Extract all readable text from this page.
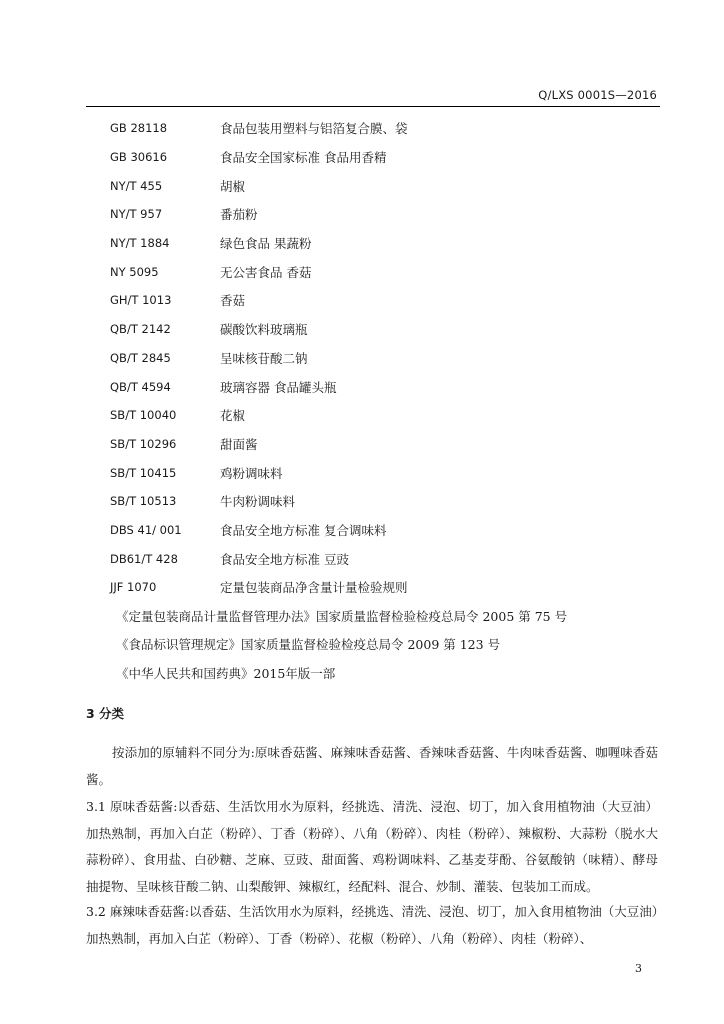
Q/LXS 0001S—2016
GB 28118	食品包装用塑料与铝箔复合膜、袋
GB 30616	食品安全国家标准 食品用香精
NY/T 455	胡椒
NY/T 957	番茄粉
NY/T 1884	绿色食品 果蔬粉
NY 5095	无公害食品 香菇
GH/T 1013	香菇
QB/T 2142	碳酸饮料玻璃瓶
QB/T 2845	呈味核苷酸二钠
QB/T 4594	玻璃容器 食品罐头瓶
SB/T 10040	花椒
SB/T 10296	甜面酱
SB/T 10415	鸡粉调味料
SB/T 10513	牛肉粉调味料
DBS 41/ 001	食品安全地方标准 复合调味料
DB61/T 428	食品安全地方标准 豆豉
JJF 1070	定量包装商品净含量计量检验规则
《定量包装商品计量监督管理办法》国家质量监督检验检疫总局令 2005 第 75 号
《食品标识管理规定》国家质量监督检验检疫总局令 2009 第 123 号
《中华人民共和国药典》2015年版一部
3 分类
按添加的原辅料不同分为:原味香菇酱、麻辣味香菇酱、香辣味香菇酱、牛肉味香菇酱、咖喱味香菇酱。
3.1 原味香菇酱:以香菇、生活饮用水为原料，经挑选、清洗、浸泡、切丁，加入食用植物油（大豆油）加热熟制，再加入白芷（粉碎）、丁香（粉碎）、八角（粉碎）、肉桂（粉碎）、辣椒粉、大蒜粉（脱水大蒜粉碎）、食用盐、白砂糖、芝麻、豆豉、甜面酱、鸡粉调味料、乙基麦芽酚、谷氨酸钠（味精）、酵母抽提物、呈味核苷酸二钠、山梨酸钾、辣椒红，经配料、混合、炒制、灌装、包装加工而成。
3.2 麻辣味香菇酱:以香菇、生活饮用水为原料，经挑选、清洗、浸泡、切丁，加入食用植物油（大豆油）加热熟制，再加入白芷（粉碎）、丁香（粉碎）、花椒（粉碎）、八角（粉碎）、肉桂（粉碎）、
3
